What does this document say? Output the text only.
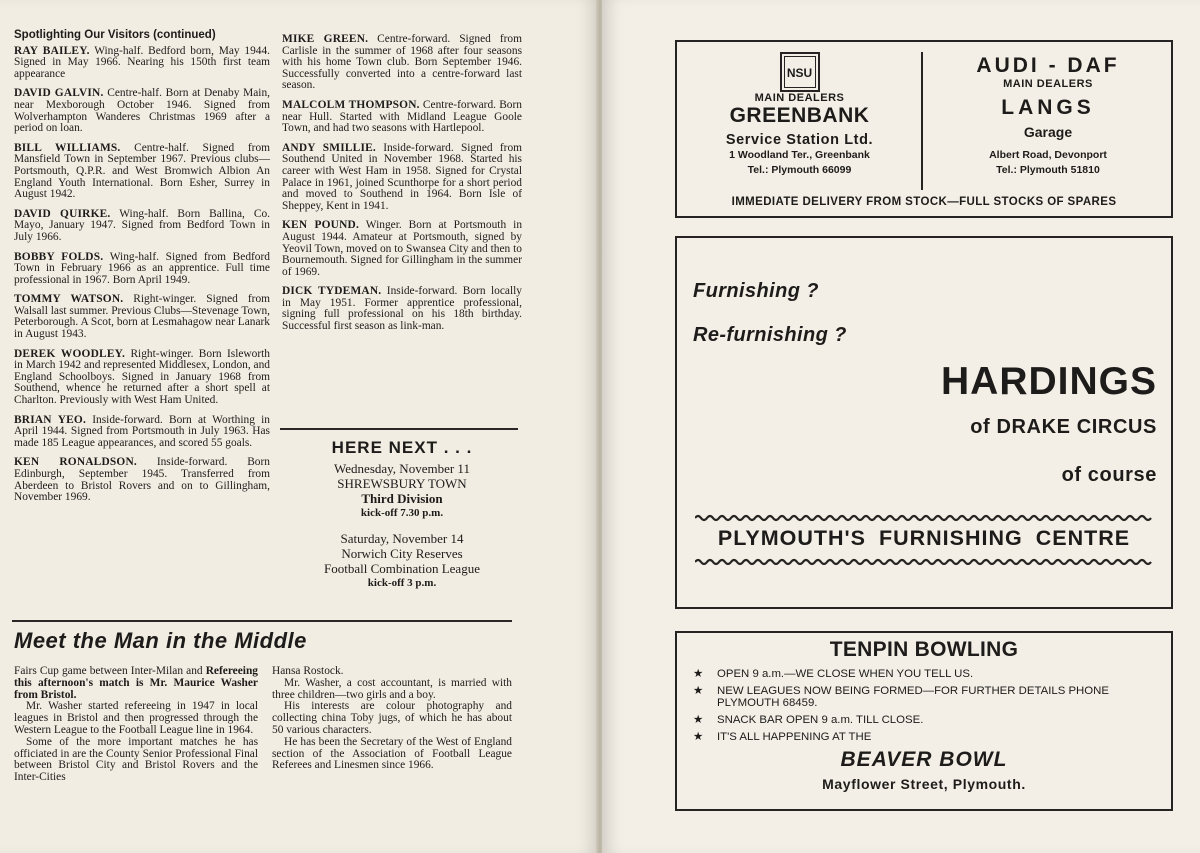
Spotlighting Our Visitors (continued)

RAY BAILEY. Wing-half. Bedford born, May 1944. Signed in May 1966. Nearing his 150th first team appearance

DAVID GALVIN. Centre-half. Born at Denaby Main, near Mexborough October 1946. Signed from Wolverhampton Wanderes Christmas 1969 after a period on loan.

BILL WILLIAMS. Centre-half. Signed from Mansfield Town in September 1967. Previous clubs—Portsmouth, Q.P.R. and West Bromwich Albion An England Youth International. Born Esher, Surrey in August 1942.

DAVID QUIRKE. Wing-half. Born Ballina, Co. Mayo, January 1947. Signed from Bedford Town in July 1966.

BOBBY FOLDS. Wing-half. Signed from Bedford Town in February 1966 as an apprentice. Full time professional in 1967. Born April 1949.

TOMMY WATSON. Right-winger. Signed from Walsall last summer. Previous Clubs—Stevenage Town, Peterborough. A Scot, born at Lesmahagow near Lanark in August 1943.

DEREK WOODLEY. Right-winger. Born Isleworth in March 1942 and represented Middlesex, London, and England Schoolboys. Signed in January 1968 from Southend, whence he returned after a short spell at Charlton. Previously with West Ham United.

BRIAN YEO. Inside-forward. Born at Worthing in April 1944. Signed from Portsmouth in July 1963. Has made 185 League appearances, and scored 55 goals.

KEN RONALDSON. Inside-forward. Born Edinburgh, September 1945. Transferred from Aberdeen to Bristol Rovers and on to Gillingham, November 1969.

MIKE GREEN. Centre-forward. Signed from Carlisle in the summer of 1968 after four seasons with his home Town club. Born September 1946. Successfully converted into a centre-forward last season.

MALCOLM THOMPSON. Centre-forward. Born near Hull. Started with Midland League Goole Town, and had two seasons with Hartlepool.

ANDY SMILLIE. Inside-forward. Signed from Southend United in November 1968. Started his career with West Ham in 1958. Signed for Crystal Palace in 1961, joined Scunthorpe for a short period and moved to Southend in 1964. Born Isle of Sheppey, Kent in 1941.

KEN POUND. Winger. Born at Portsmouth in August 1944. Amateur at Portsmouth, signed by Yeovil Town, moved on to Swansea City and then to Bournemouth. Signed for Gillingham in the summer of 1969.

DICK TYDEMAN. Inside-forward. Born locally in May 1951. Former apprentice professional, signing full professional on his 18th birthday. Successful first season as link-man.

HERE NEXT . . .
Wednesday, November 11
SHREWSBURY TOWN
Third Division
kick-off 7.30 p.m.
Saturday, November 14
Norwich City Reserves
Football Combination League
kick-off 3 p.m.
Meet the Man in the Middle

Fairs Cup game between Inter-Milan and Refereeing this afternoon's match is Mr. Maurice Washer from Bristol.

Mr. Washer started refereeing in 1947 in local leagues in Bristol and then progressed through the Western League to the Football League line in 1964.

Some of the more important matches he has officiated in are the County Senior Professional Final between Bristol City and Bristol Rovers and the Inter-Cities

Hansa Rostock.

Mr. Washer, a cost accountant, is married with three children—two girls and a boy.

His interests are colour photography and collecting china Toby jugs, of which he has about 50 various characters.

He has been the Secretary of the West of England section of the Association of Football League Referees and Linesmen since 1966.

NSU
MAIN DEALERS
GREENBANK
Service Station Ltd.
1 Woodland Ter., Greenbank
Tel.: Plymouth 66099
AUDI - DAF
MAIN DEALERS
LANGS
Garage
Albert Road, Devonport
Tel.: Plymouth 51810
IMMEDIATE DELIVERY FROM STOCK—FULL STOCKS OF SPARES
Furnishing ?
Re-furnishing ?
HARDINGS
of DRAKE CIRCUS
of course
PLYMOUTH'S FURNISHING CENTRE
TENPIN BOWLING
★	OPEN 9 a.m.—WE CLOSE WHEN YOU TELL US.
★	NEW LEAGUES NOW BEING FORMED—FOR FURTHER DETAILS PHONE PLYMOUTH 68459.
★	SNACK BAR OPEN 9 a.m. TILL CLOSE.
★	IT'S ALL HAPPENING AT THE
BEAVER BOWL
Mayflower Street, Plymouth.
